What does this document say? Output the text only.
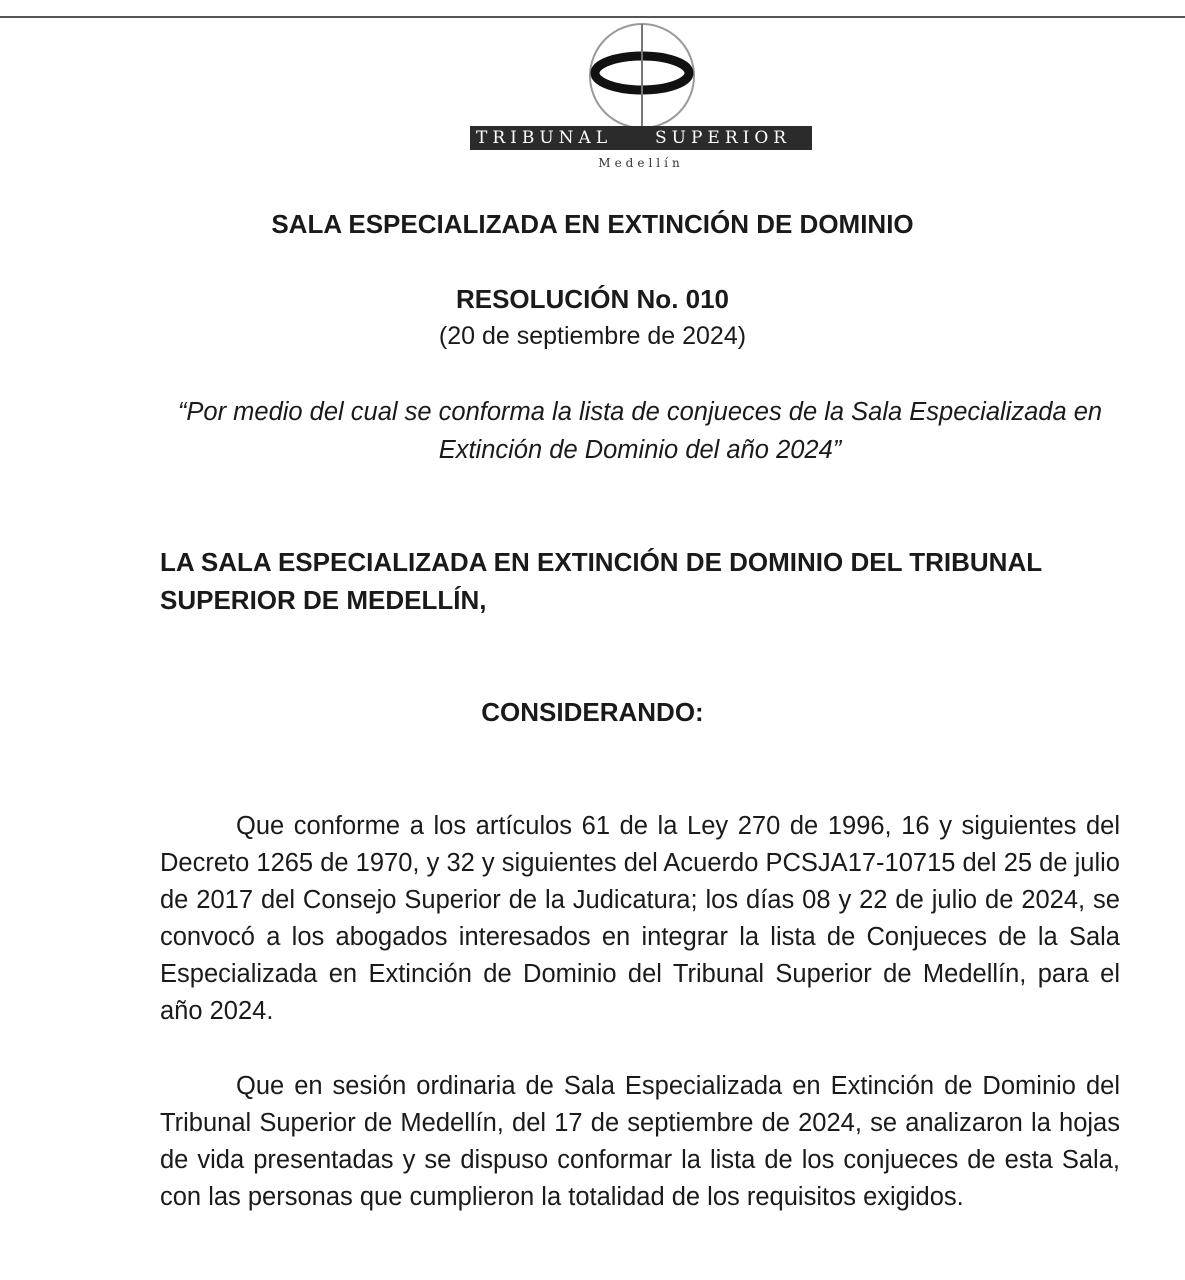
TRIBUNAL	SUPERIOR
Medellín
SALA ESPECIALIZADA EN EXTINCIÓN DE DOMINIO
RESOLUCIÓN No. 010
(20 de septiembre de 2024)
“Por medio del cual se conforma la lista de conjueces de la Sala Especializada en Extinción de Dominio del año 2024”
LA SALA ESPECIALIZADA EN EXTINCIÓN DE DOMINIO DEL TRIBUNAL SUPERIOR DE MEDELLÍN,
CONSIDERANDO:

Que conforme a los artículos 61 de la Ley 270 de 1996, 16 y siguientes del Decreto 1265 de 1970, y 32 y siguientes del Acuerdo PCSJA17-10715 del 25 de julio de 2017 del Consejo Superior de la Judicatura; los días 08 y 22 de julio de 2024, se convocó a los abogados interesados en integrar la lista de Conjueces de la Sala Especializada en Extinción de Dominio del Tribunal Superior de Medellín, para el año 2024.

Que en sesión ordinaria de Sala Especializada en Extinción de Dominio del Tribunal Superior de Medellín, del 17 de septiembre de 2024, se analizaron la hojas de vida presentadas y se dispuso conformar la lista de los conjueces de esta Sala, con las personas que cumplieron la totalidad de los requisitos exigidos.
